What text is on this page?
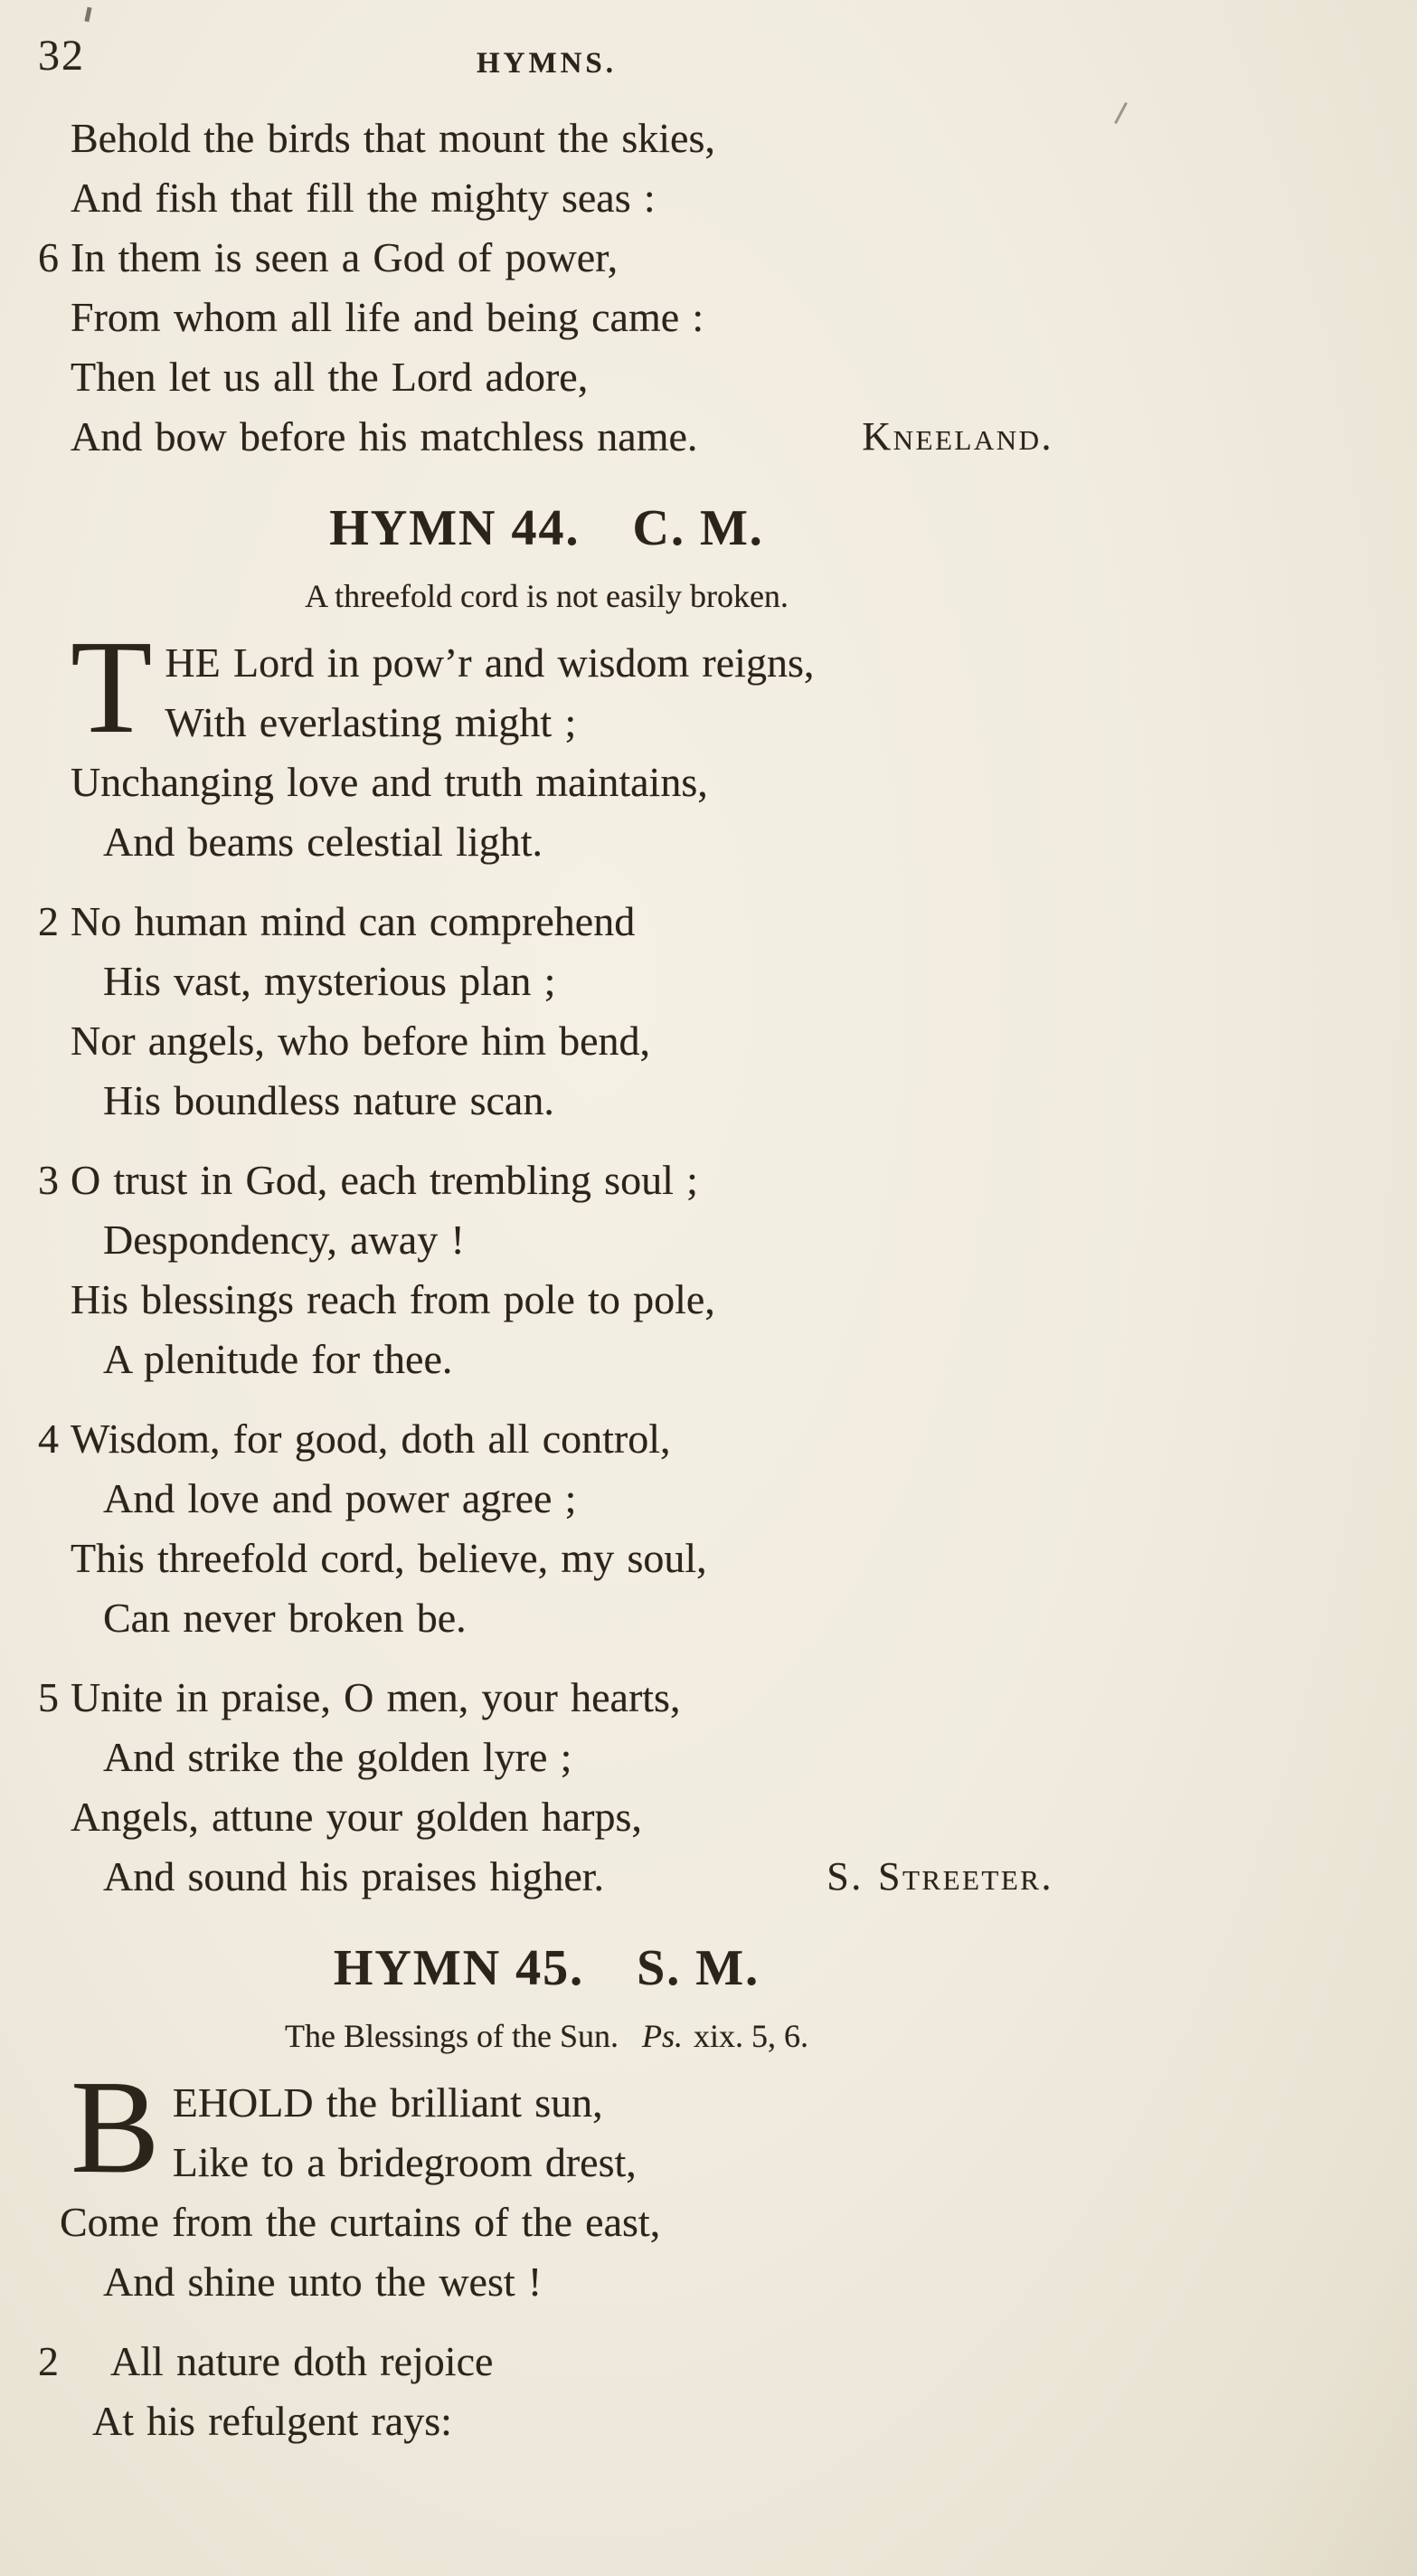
32	HYMNS.
Behold the birds that mount the skies,
And fish that fill the mighty seas :
6 In them is seen a God of power,
From whom all life and being came :
Then let us all the Lord adore,
And bow before his matchless name.	Kneeland.
HYMN 44. C. M.
A threefold cord is not easily broken.
T HE Lord in pow’r and wisdom reigns,
With everlasting might ;
Unchanging love and truth maintains,
And beams celestial light.
2 No human mind can comprehend
His vast, mysterious plan ;
Nor angels, who before him bend,
His boundless nature scan.
3 O trust in God, each trembling soul ;
Despondency, away !
His blessings reach from pole to pole,
A plenitude for thee.
4 Wisdom, for good, doth all control,
And love and power agree ;
This threefold cord, believe, my soul,
Can never broken be.
5 Unite in praise, O men, your hearts,
And strike the golden lyre ;
Angels, attune your golden harps,
And sound his praises higher.	S. Streeter.
HYMN 45. S. M.
The Blessings of the Sun. Ps. xix. 5, 6.
B EHOLD the brilliant sun,
Like to a bridegroom drest,
Come from the curtains of the east,
And shine unto the west !
2 All nature doth rejoice
At his refulgent rays:
